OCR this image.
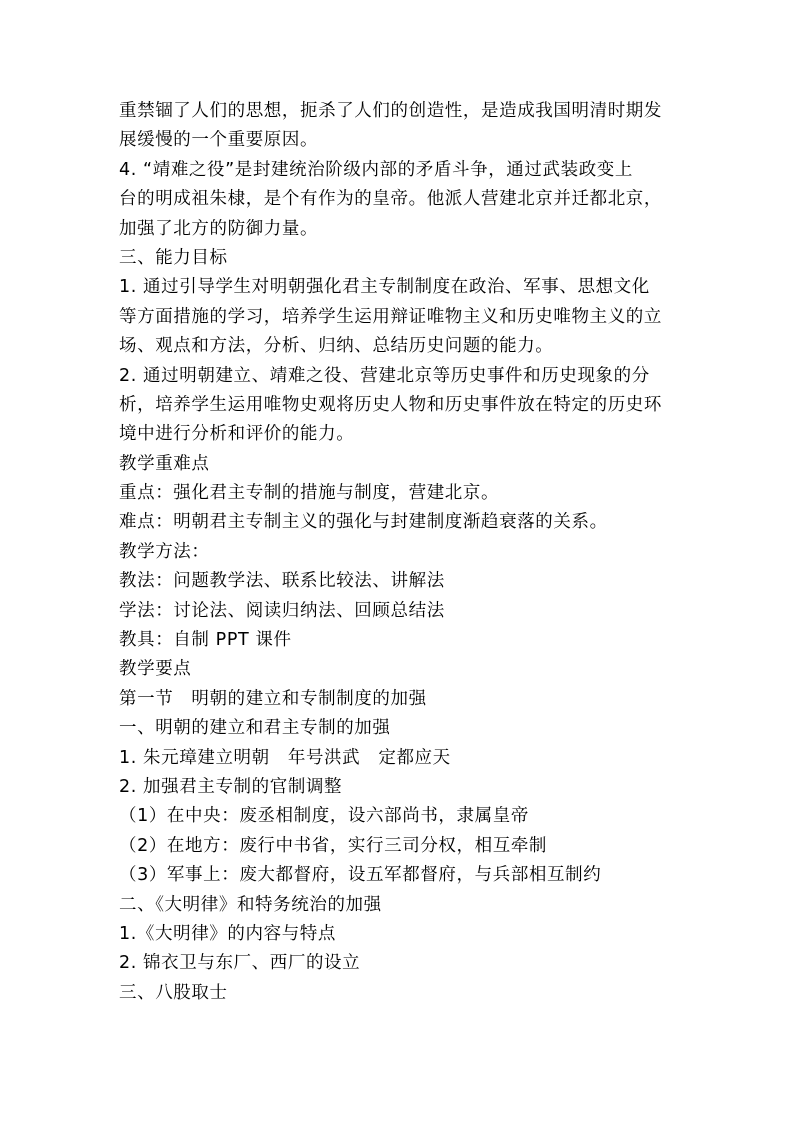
重禁锢了人们的思想，扼杀了人们的创造性，是造成我国明清时期发
展缓慢的一个重要原因。
4. “靖难之役”是封建统治阶级内部的矛盾斗争，通过武装政变上
台的明成祖朱棣，是个有作为的皇帝。他派人营建北京并迁都北京，
加强了北方的防御力量。
三、能力目标
1. 通过引导学生对明朝强化君主专制制度在政治、军事、思想文化
等方面措施的学习，培养学生运用辩证唯物主义和历史唯物主义的立
场、观点和方法，分析、归纳、总结历史问题的能力。
2. 通过明朝建立、靖难之役、营建北京等历史事件和历史现象的分
析，培养学生运用唯物史观将历史人物和历史事件放在特定的历史环
境中进行分析和评价的能力。
教学重难点
重点：强化君主专制的措施与制度，营建北京。
难点：明朝君主专制主义的强化与封建制度渐趋衰落的关系。
教学方法：
教法：问题教学法、联系比较法、讲解法
学法：讨论法、阅读归纳法、回顾总结法
教具：自制 PPT 课件
教学要点
第一节　明朝的建立和专制制度的加强
一、明朝的建立和君主专制的加强
1. 朱元璋建立明朝　年号洪武　定都应天
2. 加强君主专制的官制调整
（1）在中央：废丞相制度，设六部尚书，隶属皇帝
（2）在地方：废行中书省，实行三司分权，相互牵制
（3）军事上：废大都督府，设五军都督府，与兵部相互制约
二、《大明律》和特务统治的加强
1.《大明律》的内容与特点
2. 锦衣卫与东厂、西厂的设立
三、八股取士
